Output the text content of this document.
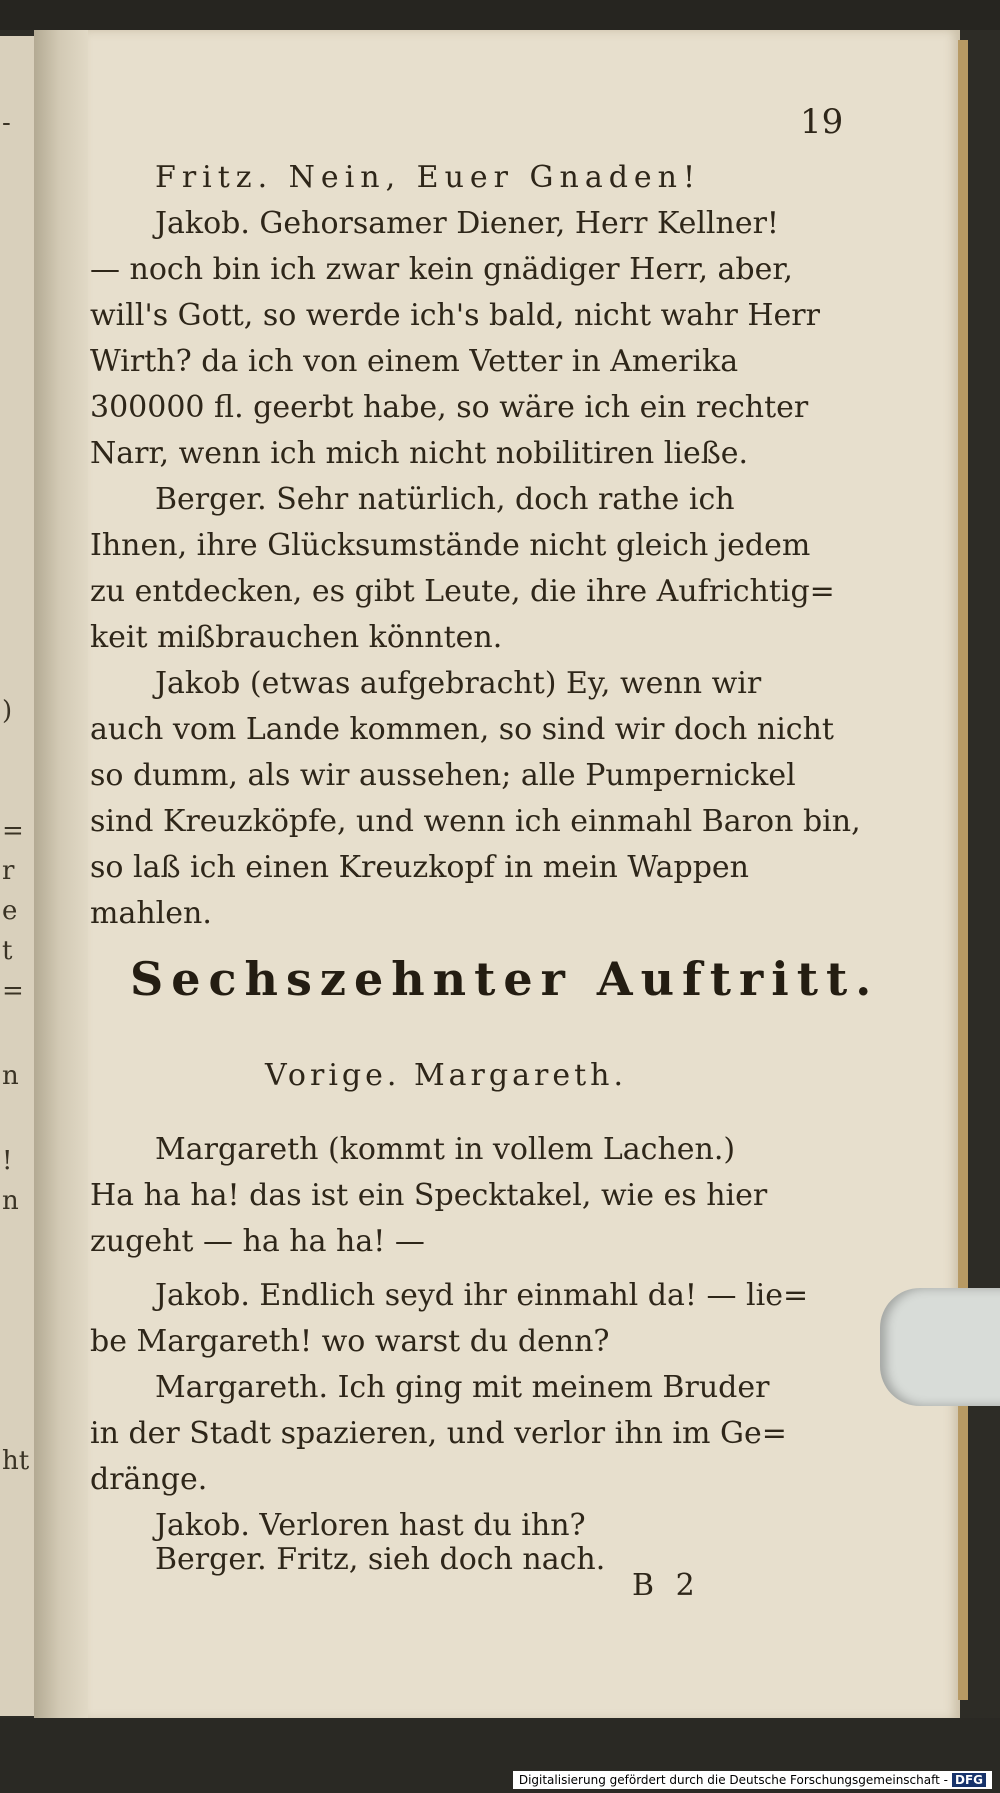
-
)
=
r
e
t
=
n
!
n
ht
19

Fritz. Nein, Euer Gnaden!

Jakob. Gehorsamer Diener, Herr Kellner!

— noch bin ich zwar kein gnädiger Herr, aber,

will's Gott, so werde ich's bald, nicht wahr Herr

Wirth? da ich von einem Vetter in Amerika

300000 fl. geerbt habe, so wäre ich ein rechter

Narr, wenn ich mich nicht nobilitiren ließe.

Berger. Sehr natürlich, doch rathe ich

Ihnen, ihre Glücksumstände nicht gleich jedem

zu entdecken, es gibt Leute, die ihre Aufrichtig=

keit mißbrauchen könnten.

Jakob (etwas aufgebracht) Ey, wenn wir

auch vom Lande kommen, so sind wir doch nicht

so dumm, als wir aussehen; alle Pumpernickel

sind Kreuzköpfe, und wenn ich einmahl Baron bin,

so laß ich einen Kreuzkopf in mein Wappen

mahlen.

Sechszehnter Auftritt.
Vorige. Margareth.

Margareth (kommt in vollem Lachen.)

Ha ha ha! das ist ein Specktakel, wie es hier

zugeht — ha ha ha! —

Jakob. Endlich seyd ihr einmahl da! — lie=

be Margareth! wo warst du denn?

Margareth. Ich ging mit meinem Bruder

in der Stadt spazieren, und verlor ihn im Ge=

dränge.

Jakob. Verloren hast du ihn?

Berger. Fritz, sieh doch nach.

B 2
Digitalisierung gefördert durch die Deutsche Forschungsgemeinschaft - DFG
